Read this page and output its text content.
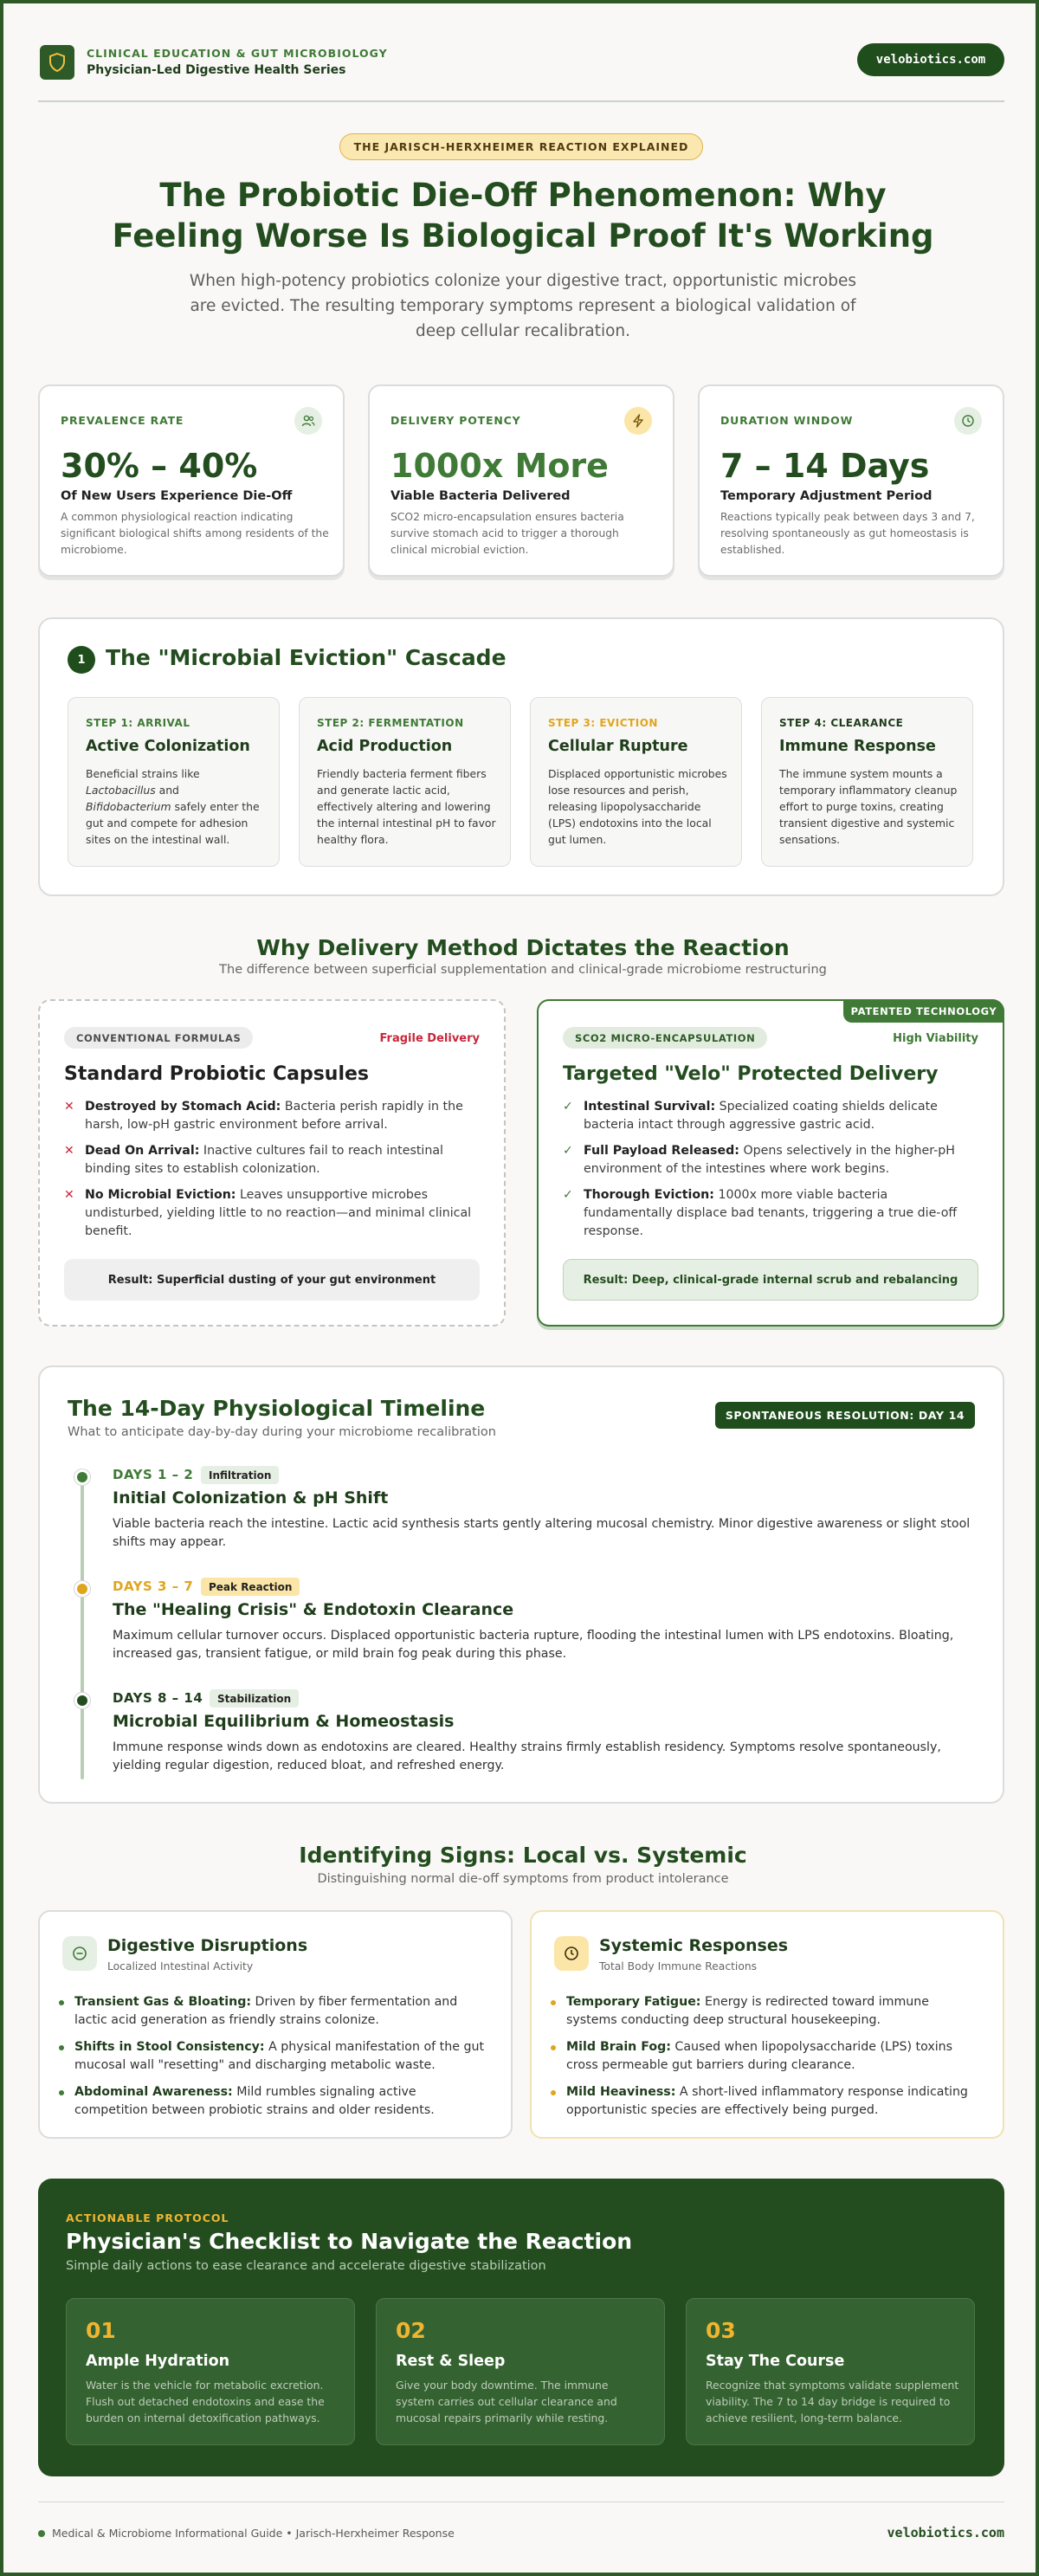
CLINICAL EDUCATION & GUT MICROBIOLOGY
Physician-Led Digestive Health Series
velobiotics.com
THE JARISCH-HERXHEIMER REACTION EXPLAINED
The Probiotic Die-Off Phenomenon: Why
Feeling Worse Is Biological Proof It's Working
When high-potency probiotics colonize your digestive tract, opportunistic microbes are evicted. The resulting temporary symptoms represent a biological validation of deep cellular recalibration.
PREVALENCE RATE
30% – 40%
Of New Users Experience Die-Off
A common physiological reaction indicating significant biological shifts among residents of the microbiome.
DELIVERY POTENCY
1000x More
Viable Bacteria Delivered
SCO2 micro-encapsulation ensures bacteria survive stomach acid to trigger a thorough clinical microbial eviction.
DURATION WINDOW
7 – 14 Days
Temporary Adjustment Period
Reactions typically peak between days 3 and 7, resolving spontaneously as gut homeostasis is established.
1 The "Microbial Eviction" Cascade
STEP 1: ARRIVAL
Active Colonization
Beneficial strains like Lactobacillus and Bifidobacterium safely enter the gut and compete for adhesion sites on the intestinal wall.
STEP 2: FERMENTATION
Acid Production
Friendly bacteria ferment fibers and generate lactic acid, effectively altering and lowering the internal intestinal pH to favor healthy flora.
STEP 3: EVICTION
Cellular Rupture
Displaced opportunistic microbes lose resources and perish, releasing lipopolysaccharide (LPS) endotoxins into the local gut lumen.
STEP 4: CLEARANCE
Immune Response
The immune system mounts a temporary inflammatory cleanup effort to purge toxins, creating transient digestive and systemic sensations.
Why Delivery Method Dictates the Reaction
The difference between superficial supplementation and clinical-grade microbiome restructuring
CONVENTIONAL FORMULAS	Fragile Delivery
Standard Probiotic Capsules
✕ Destroyed by Stomach Acid: Bacteria perish rapidly in the harsh, low-pH gastric environment before arrival.
✕ Dead On Arrival: Inactive cultures fail to reach intestinal binding sites to establish colonization.
✕ No Microbial Eviction: Leaves unsupportive microbes undisturbed, yielding little to no reaction—and minimal clinical benefit.
Result: Superficial dusting of your gut environment
PATENTED TECHNOLOGY
SCO2 MICRO-ENCAPSULATION	High Viability
Targeted "Velo" Protected Delivery
✓ Intestinal Survival: Specialized coating shields delicate bacteria intact through aggressive gastric acid.
✓ Full Payload Released: Opens selectively in the higher-pH environment of the intestines where work begins.
✓ Thorough Eviction: 1000x more viable bacteria fundamentally displace bad tenants, triggering a true die-off response.
Result: Deep, clinical-grade internal scrub and rebalancing
The 14-Day Physiological Timeline
What to anticipate day-by-day during your microbiome recalibration
SPONTANEOUS RESOLUTION: DAY 14
DAYS 1 – 2	Infiltration
Initial Colonization & pH Shift
Viable bacteria reach the intestine. Lactic acid synthesis starts gently altering mucosal chemistry. Minor digestive awareness or slight stool shifts may appear.
DAYS 3 – 7	Peak Reaction
The "Healing Crisis" & Endotoxin Clearance
Maximum cellular turnover occurs. Displaced opportunistic bacteria rupture, flooding the intestinal lumen with LPS endotoxins. Bloating, increased gas, transient fatigue, or mild brain fog peak during this phase.
DAYS 8 – 14	Stabilization
Microbial Equilibrium & Homeostasis
Immune response winds down as endotoxins are cleared. Healthy strains firmly establish residency. Symptoms resolve spontaneously, yielding regular digestion, reduced bloat, and refreshed energy.
Identifying Signs: Local vs. Systemic
Distinguishing normal die-off symptoms from product intolerance
Digestive Disruptions
Localized Intestinal Activity
Transient Gas & Bloating: Driven by fiber fermentation and lactic acid generation as friendly strains colonize.
Shifts in Stool Consistency: A physical manifestation of the gut mucosal wall "resetting" and discharging metabolic waste.
Abdominal Awareness: Mild rumbles signaling active competition between probiotic strains and older residents.
Systemic Responses
Total Body Immune Reactions
Temporary Fatigue: Energy is redirected toward immune systems conducting deep structural housekeeping.
Mild Brain Fog: Caused when lipopolysaccharide (LPS) toxins cross permeable gut barriers during clearance.
Mild Heaviness: A short-lived inflammatory response indicating opportunistic species are effectively being purged.
ACTIONABLE PROTOCOL
Physician's Checklist to Navigate the Reaction
Simple daily actions to ease clearance and accelerate digestive stabilization
01
Ample Hydration
Water is the vehicle for metabolic excretion. Flush out detached endotoxins and ease the burden on internal detoxification pathways.
02
Rest & Sleep
Give your body downtime. The immune system carries out cellular clearance and mucosal repairs primarily while resting.
03
Stay The Course
Recognize that symptoms validate supplement viability. The 7 to 14 day bridge is required to achieve resilient, long-term balance.
Medical & Microbiome Informational Guide • Jarisch-Herxheimer Response	velobiotics.com
